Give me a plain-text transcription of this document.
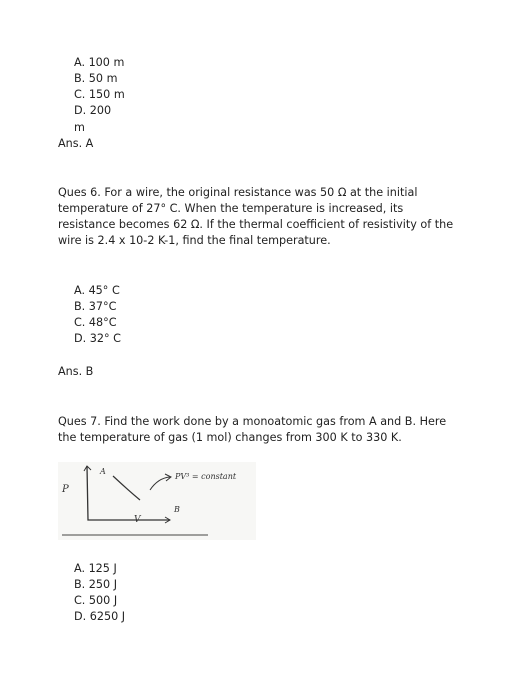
A. 100 m
B. 50 m
C. 150 m
D. 200
m
Ans. A
Ques 6. For a wire, the original resistance was 50 Ω at the initial
temperature of 27° C. When the temperature is increased, its
resistance becomes 62 Ω. If the thermal coefficient of resistivity of the
wire is 2.4 x 10-2 K-1, find the final temperature.
A. 45° C
B. 37°C
C. 48°C
D. 32° C
Ans. B
Ques 7. Find the work done by a monoatomic gas from A and B. Here
the temperature of gas (1 mol) changes from 300 K to 330 K.
P
V
A
B
PV³ = constant
A. 125 J
B. 250 J
C. 500 J
D. 6250 J
